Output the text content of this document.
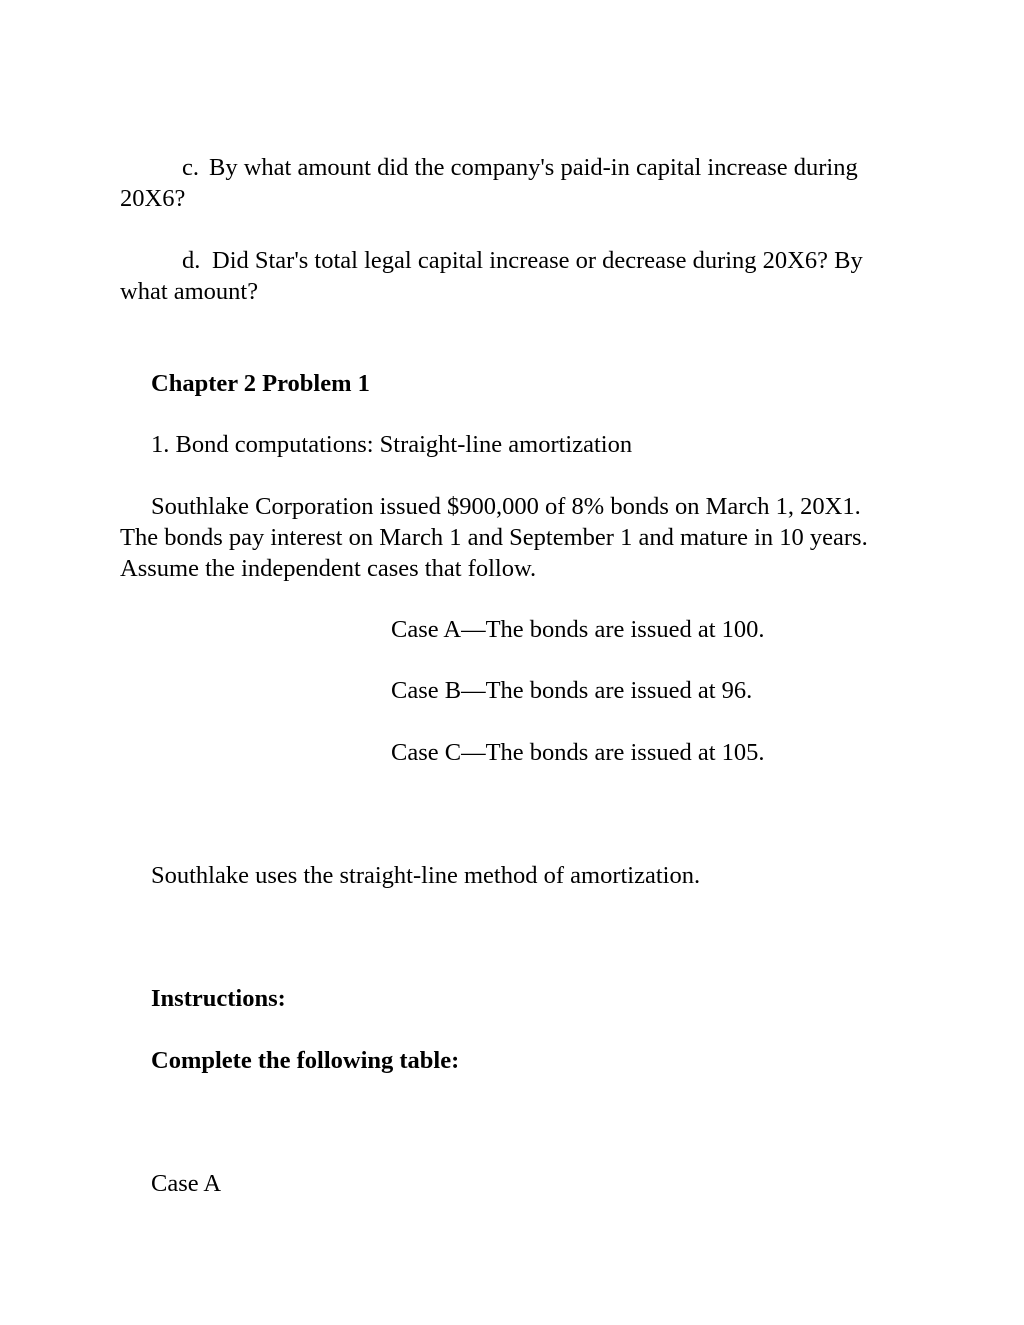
c. By what amount did the company's paid-in capital increase during 20X6?

d. Did Star's total legal capital increase or decrease during 20X6? By what amount?

Chapter 2 Problem 1

1. Bond computations: Straight-line amortization

Southlake Corporation issued $900,000 of 8% bonds on March 1, 20X1. The bonds pay interest on March 1 and September 1 and mature in 10 years. Assume the independent cases that follow.

Case A—The bonds are issued at 100.

Case B—The bonds are issued at 96.

Case C—The bonds are issued at 105.

Southlake uses the straight-line method of amortization.

Instructions:

Complete the following table:

Case A
